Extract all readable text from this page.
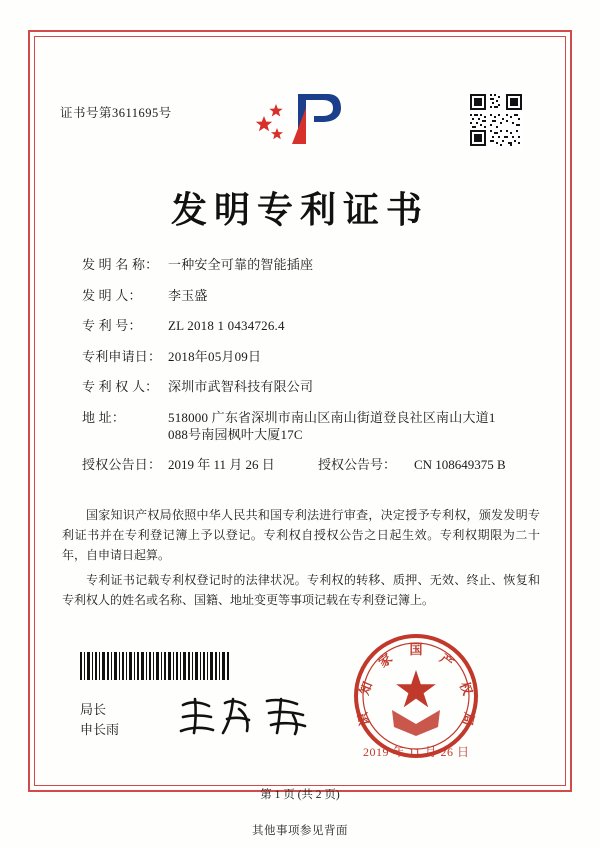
证书号第3611695号
发明专利证书
发 明 名 称： 一种安全可靠的智能插座
发 明 人：	李玉盛
专 利 号：	ZL 2018 1 0434726.4
专利申请日： 2018年05月09日
专 利 权 人： 深圳市武智科技有限公司
地 址：	518000 广东省深圳市南山区南山街道登良社区南山大道1
088号南园枫叶大厦17C
授权公告日： 2019 年 11 月 26 日	授权公告号：	CN 108649375 B

国家知识产权局依照中华人民共和国专利法进行审查，决定授予专利权，颁发发明专利证书并在专利登记簿上予以登记。专利权自授权公告之日起生效。专利权期限为二十年，自申请日起算。

专利证书记载专利权登记时的法律状况。专利权的转移、质押、无效、终止、恢复和专利权人的姓名或名称、国籍、地址变更等事项记载在专利登记簿上。

局长
申长雨
国
家
知
识
产
权
局
2019 年 11 月 26 日
第 1 页 (共 2 页)
其他事项参见背面
